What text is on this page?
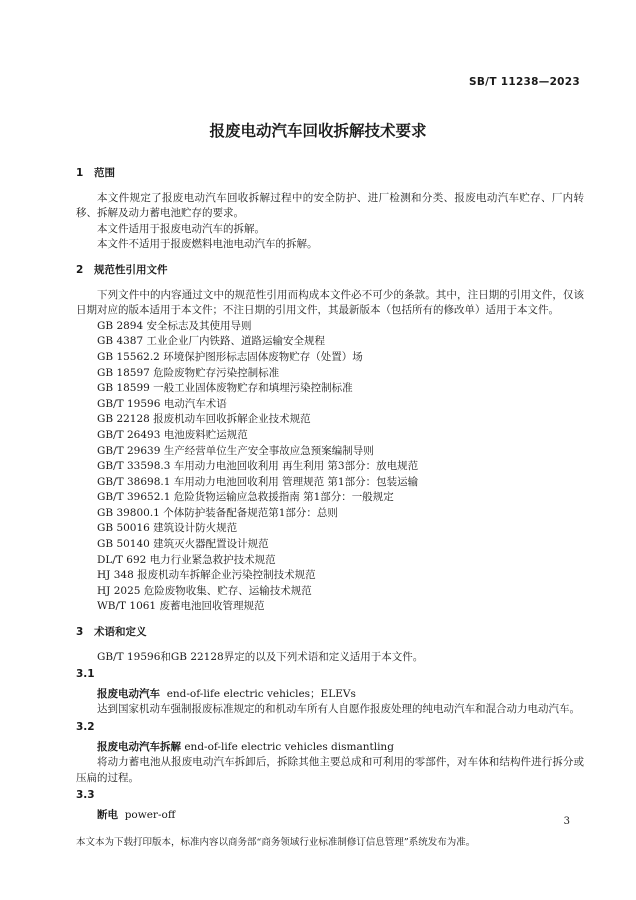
SB/T 11238—2023
报废电动汽车回收拆解技术要求

1 范围

本文件规定了报废电动汽车回收拆解过程中的安全防护、进厂检测和分类、报废电动汽车贮存、厂内转移、拆解及动力蓄电池贮存的要求。

本文件适用于报废电动汽车的拆解。

本文件不适用于报废燃料电池电动汽车的拆解。

2 规范性引用文件

下列文件中的内容通过文中的规范性引用而构成本文件必不可少的条款。其中，注日期的引用文件，仅该日期对应的版本适用于本文件；不注日期的引用文件，其最新版本（包括所有的修改单）适用于本文件。

GB 2894 安全标志及其使用导则

GB 4387 工业企业厂内铁路、道路运输安全规程

GB 15562.2 环境保护图形标志固体废物贮存（处置）场

GB 18597 危险废物贮存污染控制标准

GB 18599 一般工业固体废物贮存和填埋污染控制标准

GB/T 19596 电动汽车术语

GB 22128 报废机动车回收拆解企业技术规范

GB/T 26493 电池废料贮运规范

GB/T 29639 生产经营单位生产安全事故应急预案编制导则

GB/T 33598.3 车用动力电池回收利用 再生利用 第3部分：放电规范

GB/T 38698.1 车用动力电池回收利用 管理规范 第1部分：包装运输

GB/T 39652.1 危险货物运输应急救援指南 第1部分：一般规定

GB 39800.1 个体防护装备配备规范第1部分：总则

GB 50016 建筑设计防火规范

GB 50140 建筑灭火器配置设计规范

DL/T 692 电力行业紧急救护技术规范

HJ 348 报废机动车拆解企业污染控制技术规范

HJ 2025 危险废物收集、贮存、运输技术规范

WB/T 1061 废蓄电池回收管理规范

3 术语和定义

GB/T 19596和GB 22128界定的以及下列术语和定义适用于本文件。

3.1

报废电动汽车 end-of-life electric vehicles；ELEVs

达到国家机动车强制报废标准规定的和机动车所有人自愿作报废处理的纯电动汽车和混合动力电动汽车。

3.2

报废电动汽车拆解 end-of-life electric vehicles dismantling

将动力蓄电池从报废电动汽车拆卸后，拆除其他主要总成和可利用的零部件，对车体和结构件进行拆分或压扁的过程。

3.3

断电 power-off

3
本文本为下载打印版本，标准内容以商务部“商务领域行业标准制修订信息管理”系统发布为准。
